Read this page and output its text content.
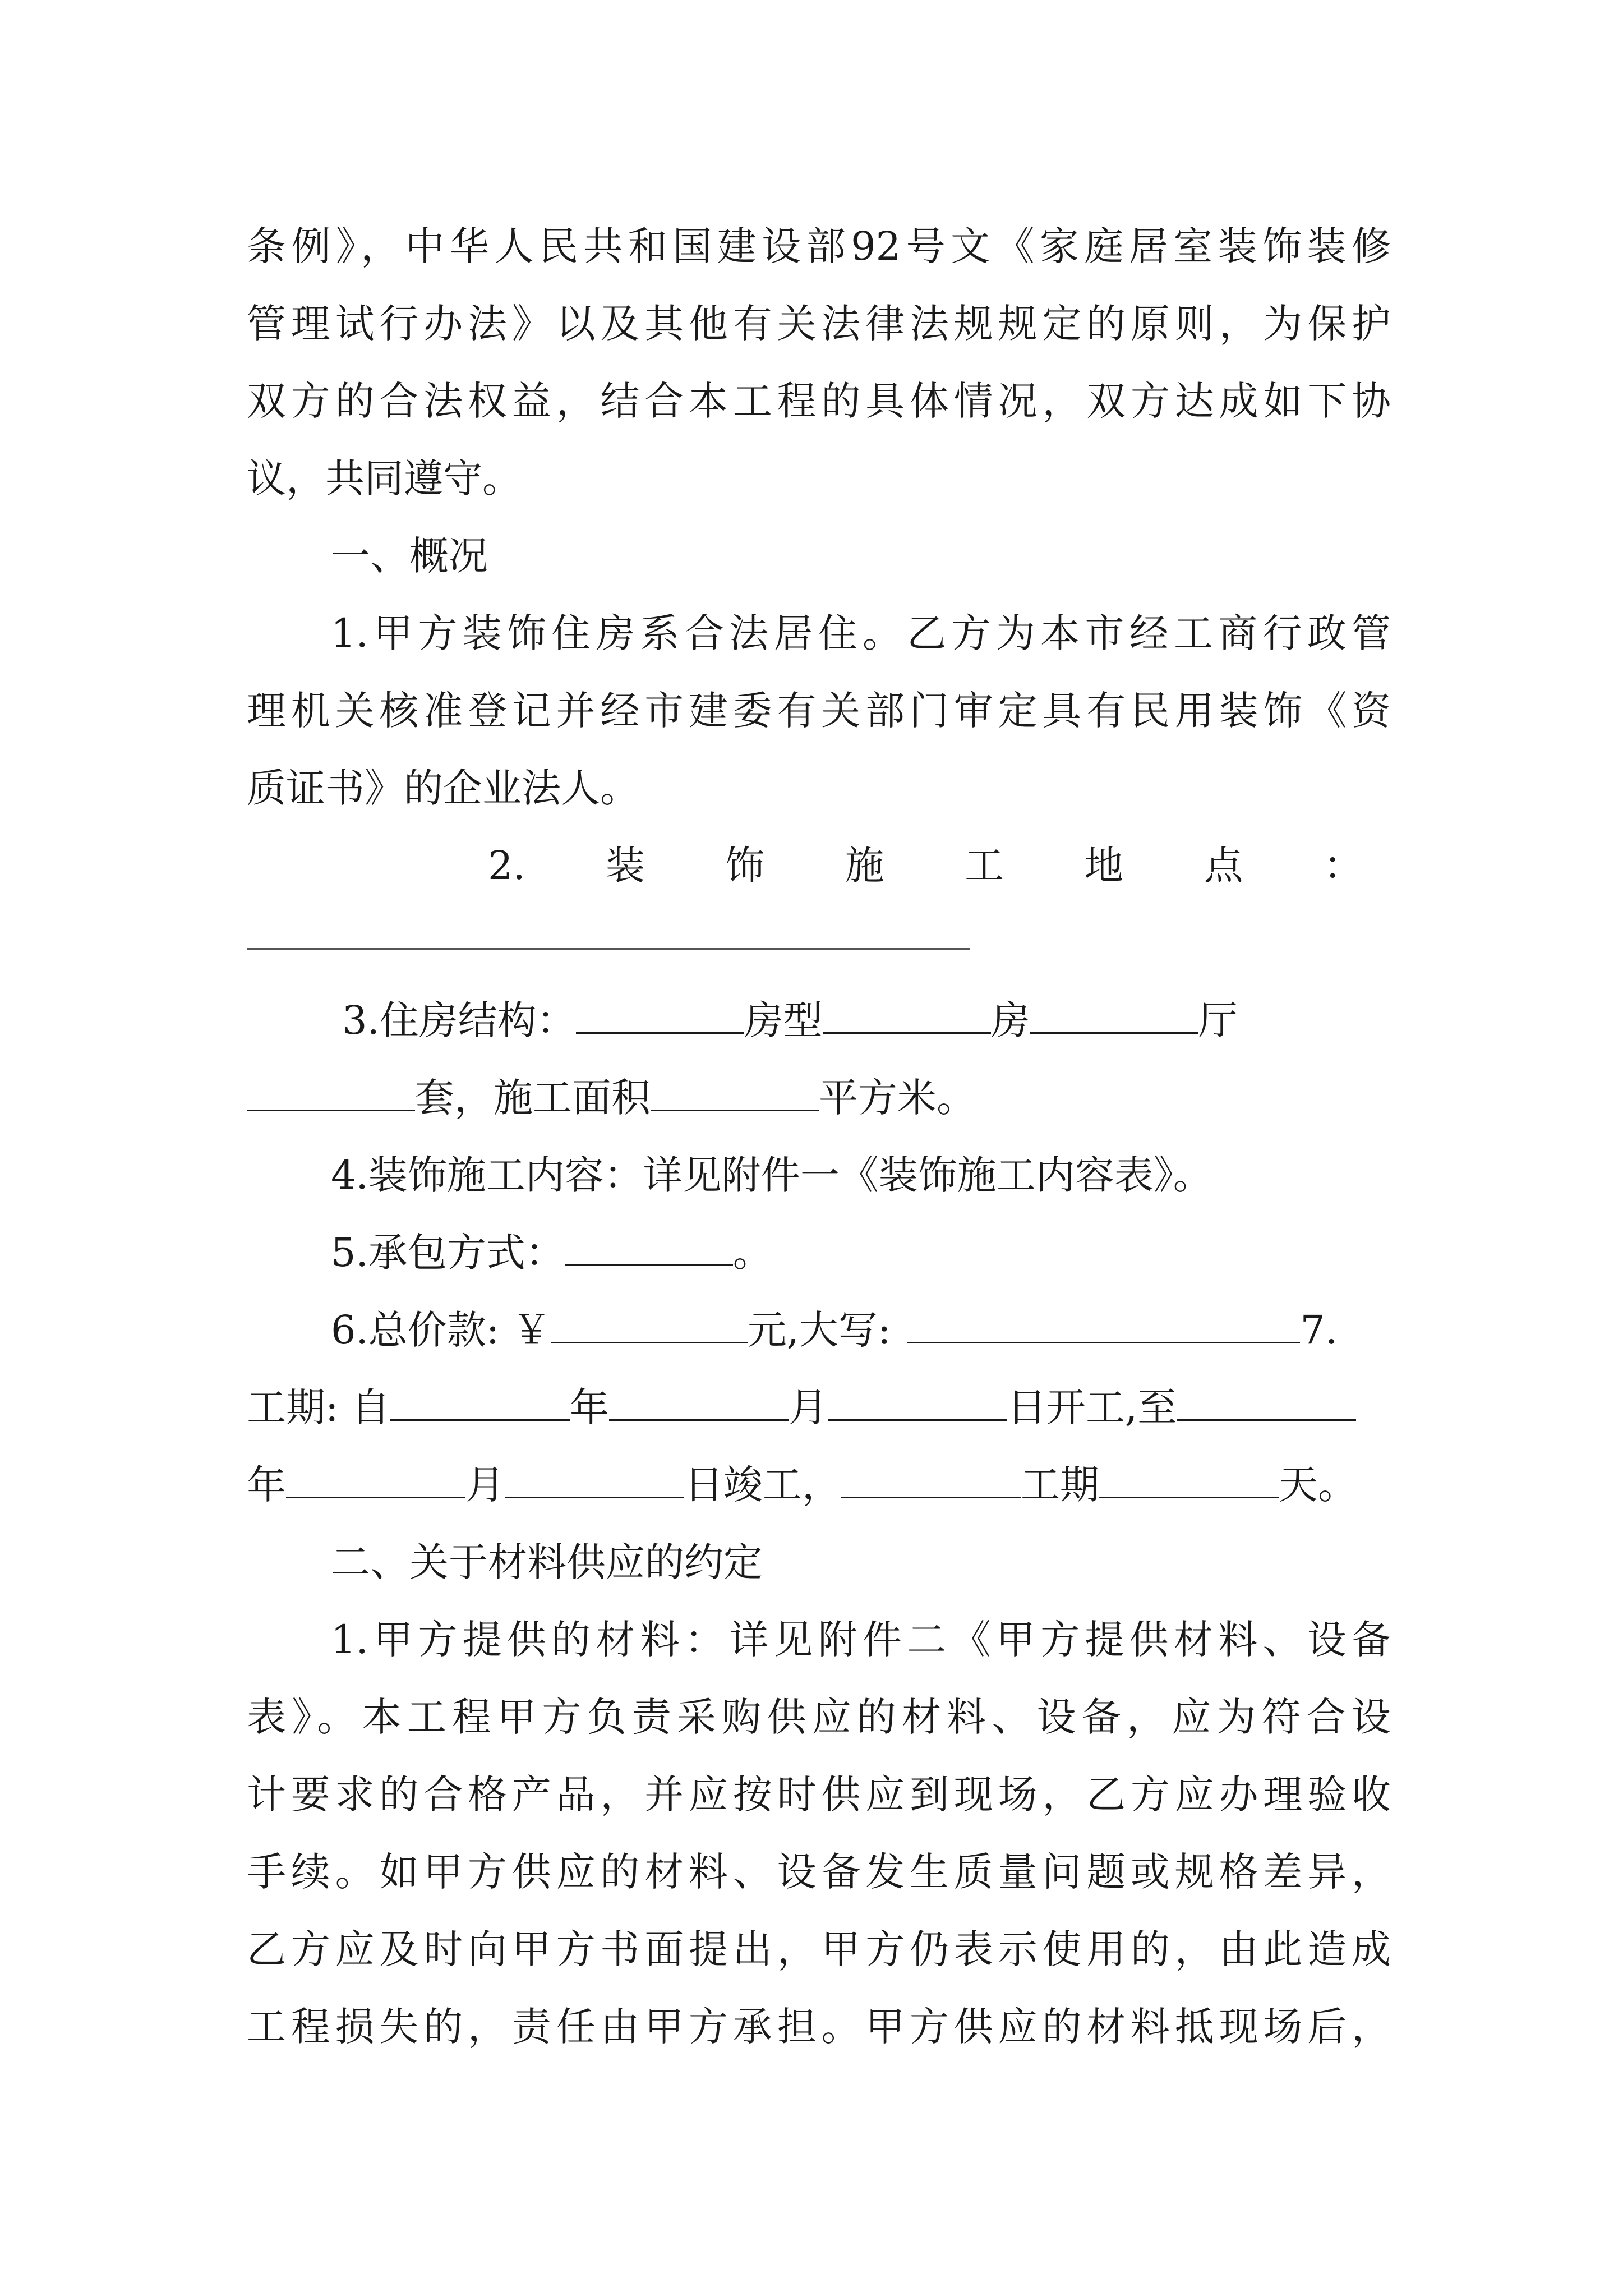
条例》，中华人民共和国建设部92号文《家庭居室装饰装修
管理试行办法》以及其他有关法律法规规定的原则，为保护
双方的合法权益，结合本工程的具体情况，双方达成如下协
议，共同遵守。
一、概况
1.甲方装饰住房系合法居住。乙方为本市经工商行政管
理机关核准登记并经市建委有关部门审定具有民用装饰《资
质证书》的企业法人。
2. 装 饰 施 工 地 点 ：
3.住房结构：	房型	房	厅
套，施工面积	平方米。
4.装饰施工内容：详见附件一《装饰施工内容表》。
5.承包方式：	。
6.总价款: ￥	元,大写:	7.
工期: 自	年	月	日开工,至
年	月	日竣工，	工期	天。
二、关于材料供应的约定
1.甲方提供的材料：详见附件二《甲方提供材料、设备
表》。本工程甲方负责采购供应的材料、设备，应为符合设
计要求的合格产品，并应按时供应到现场，乙方应办理验收
手续。如甲方供应的材料、设备发生质量问题或规格差异，
乙方应及时向甲方书面提出，甲方仍表示使用的，由此造成
工程损失的，责任由甲方承担。甲方供应的材料抵现场后，
